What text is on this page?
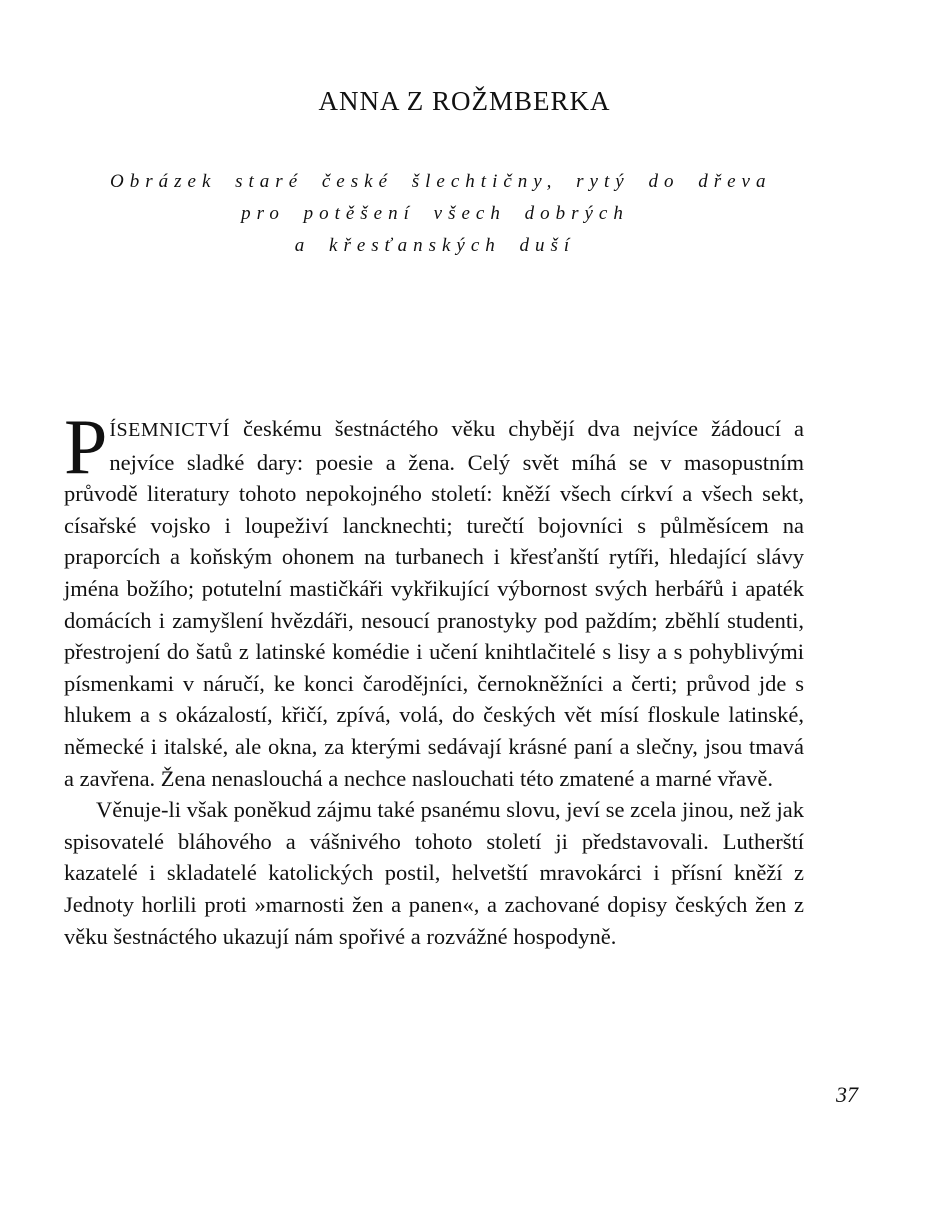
ANNA Z ROŽMBERKA
Obrázek staré české šlechtičny, rytý do dřeva
pro potěšení všech dobrých
a křesťanských duší

PÍSEMNICTVÍ českému šestnáctého věku chybějí dva nejvíce žádoucí a nejvíce sladké dary: poesie a žena. Celý svět míhá se v masopustním průvodě literatury tohoto nepokojného století: kněží všech církví a všech sekt, císařské vojsko i loupeživí lancknechti; turečtí bojovníci s půlměsícem na praporcích a koňským ohonem na turbanech i křesťanští rytíři, hledající slávy jména božího; potutelní mastičkáři vykřikující výbornost svých herbářů i apaték domácích i zamyšlení hvězdáři, nesoucí pranostyky pod paždím; zběhlí studenti, přestrojení do šatů z latinské komédie i učení knihtlačitelé s lisy a s pohyblivými písmenkami v náručí, ke konci čarodějníci, černokněžníci a čerti; průvod jde s hlukem a s okázalostí, křičí, zpívá, volá, do českých vět mísí floskule latinské, německé i italské, ale okna, za kterými sedávají krásné paní a slečny, jsou tmavá a zavřena. Žena nenaslouchá a nechce naslouchati této zmatené a marné vřavě.

Věnuje-li však poněkud zájmu také psanému slovu, jeví se zcela jinou, než jak spisovatelé bláhového a vášnivého tohoto století ji představovali. Lutherští kazatelé i skladatelé katolických postil, helvetští mravokárci i přísní kněží z Jednoty horlili proti »marnosti žen a panen«, a zachované dopisy českých žen z věku šestnáctého ukazují nám spořivé a rozvážné hospodyně.

37
